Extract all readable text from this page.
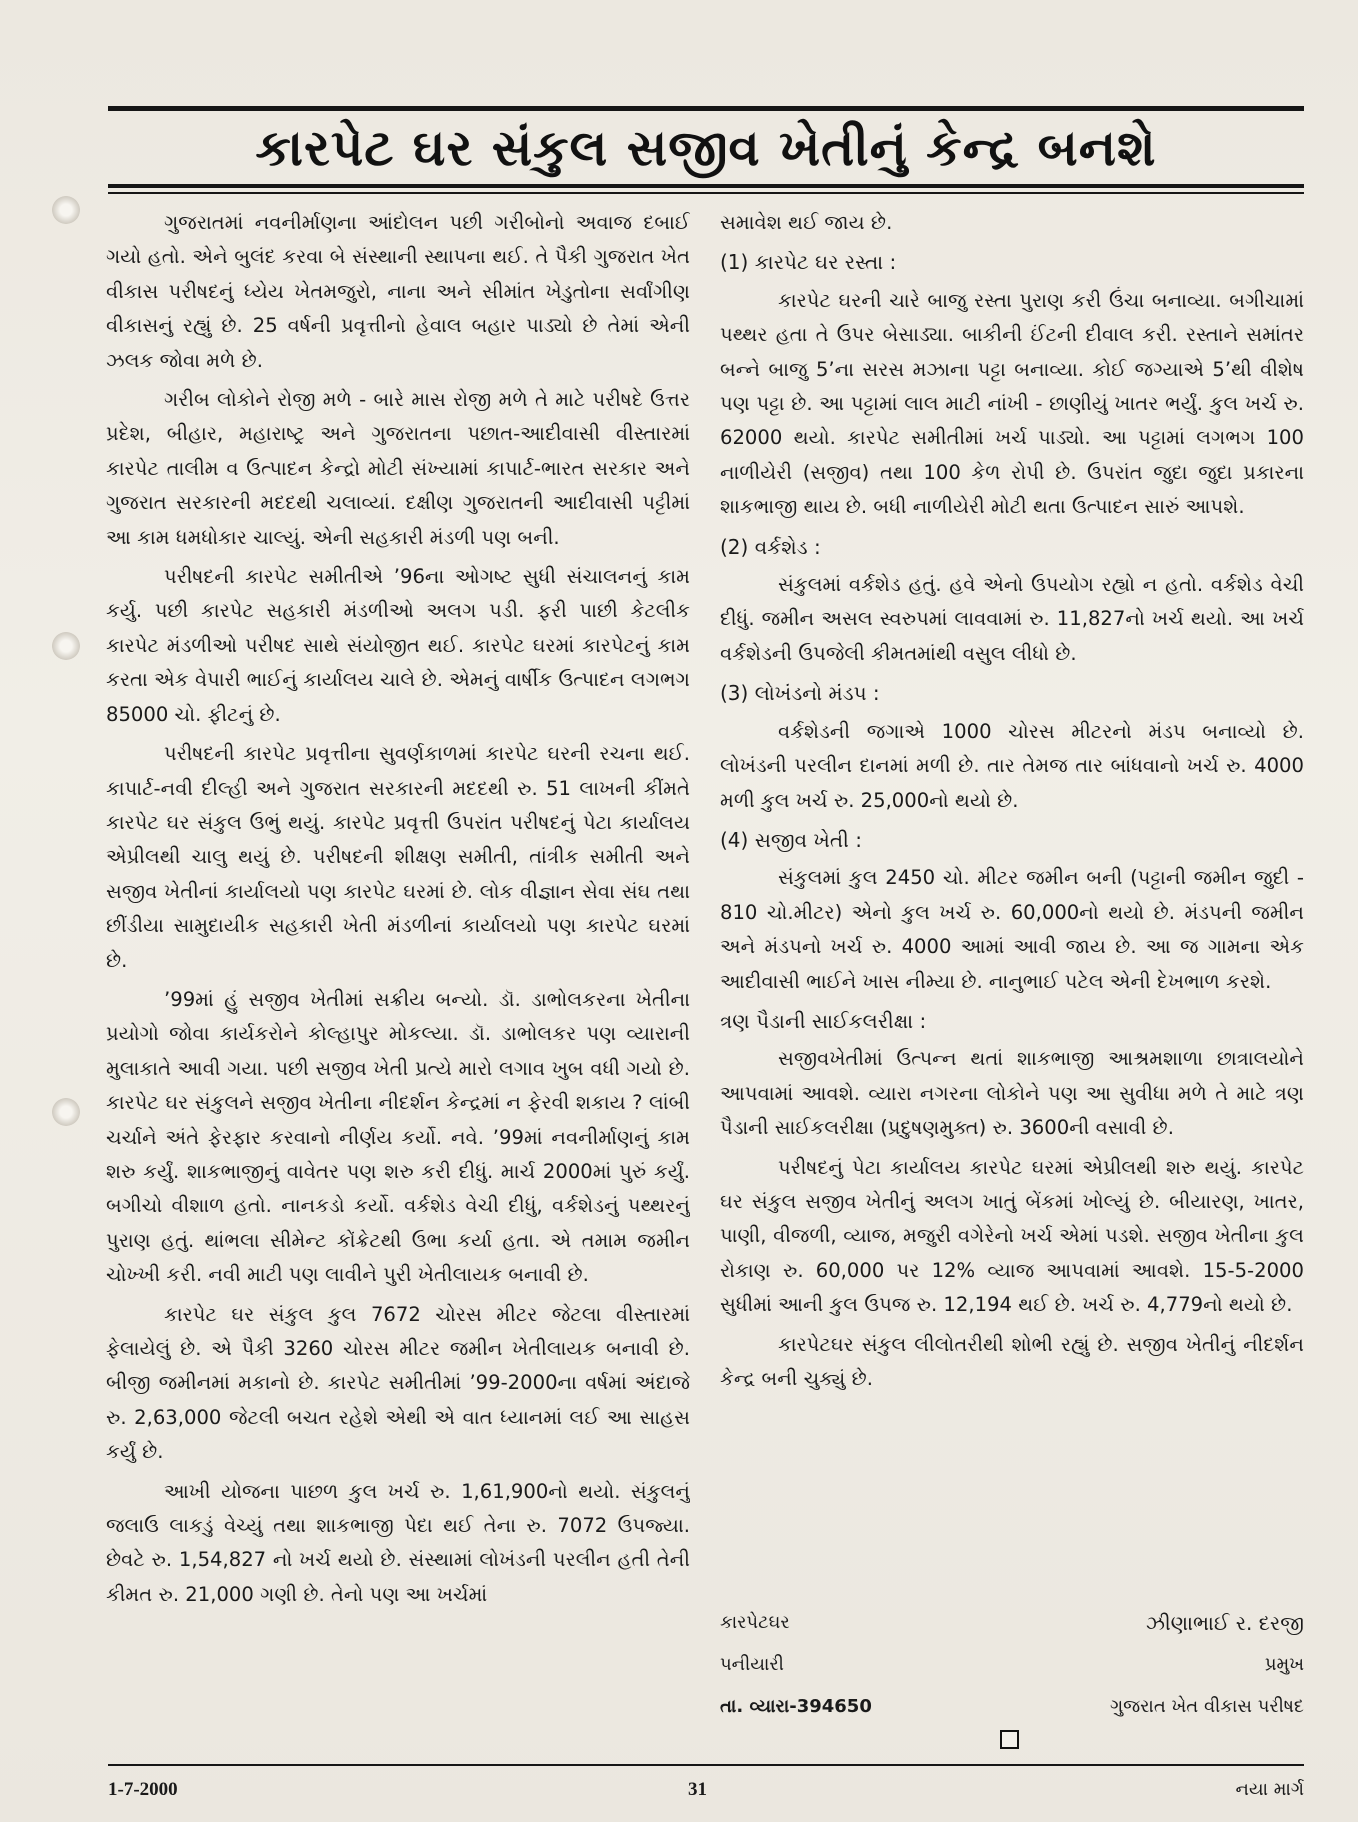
કારપેટ ઘર સંકુલ સજીવ ખેતીનું કેન્દ્ર બનશે

ગુજરાતમાં નવનીર્માણના આંદોલન પછી ગરીબોનો અવાજ દબાઈ ગયો હતો. એને બુલંદ કરવા બે સંસ્થાની સ્થાપના થઈ. તે પૈકી ગુજરાત ખેત વીકાસ પરીષદનું ધ્યેય ખેતમજુરો, નાના અને સીમાંત ખેડુતોના સર્વાંગીણ વીકાસનું રહ્યું છે. 25 વર્ષની પ્રવૃત્તીનો હેવાલ બહાર પાડ્યો છે તેમાં એની ઝલક જોવા મળે છે.

ગરીબ લોકોને રોજી મળે - બારે માસ રોજી મળે તે માટે પરીષદે ઉત્તર પ્રદેશ, બીહાર, મહારાષ્ટ્ર અને ગુજરાતના પછાત-આદીવાસી વીસ્તારમાં કારપેટ તાલીમ વ ઉત્પાદન કેન્દ્રો મોટી સંખ્યામાં કાપાર્ટ-ભારત સરકાર અને ગુજરાત સરકારની મદદથી ચલાવ્યાં. દક્ષીણ ગુજરાતની આદીવાસી પટ્ટીમાં આ કામ ધમધોકાર ચાલ્યું. એની સહકારી મંડળી પણ બની.

પરીષદની કારપેટ સમીતીએ ’96ના ઓગષ્ટ સુધી સંચાલનનું કામ કર્યુ. પછી કારપેટ સહકારી મંડળીઓ અલગ પડી. ફરી પાછી કેટલીક કારપેટ મંડળીઓ પરીષદ સાથે સંયોજીત થઈ. કારપેટ ઘરમાં કારપેટનું કામ કરતા એક વેપારી ભાઈનું કાર્યાલય ચાલે છે. એમનું વાર્ષીક ઉત્પાદન લગભગ 85000 ચો. ફીટનું છે.

પરીષદની કારપેટ પ્રવૃત્તીના સુવર્ણકાળમાં કારપેટ ઘરની રચના થઈ. કાપાર્ટ-નવી દીલ્હી અને ગુજરાત સરકારની મદદથી રુ. 51 લાખની કીંમતે કારપેટ ઘર સંકુલ ઉભું થયું. કારપેટ પ્રવૃત્તી ઉપરાંત પરીષદનું પેટા કાર્યાલય એપ્રીલથી ચાલુ થયું છે. પરીષદની શીક્ષણ સમીતી, તાંત્રીક સમીતી અને સજીવ ખેતીનાં કાર્યાલયો પણ કારપેટ ઘરમાં છે. લોક વીજ્ઞાન સેવા સંઘ તથા છીંડીયા સામુદાયીક સહકારી ખેતી મંડળીનાં કાર્યાલયો પણ કારપેટ ઘરમાં છે.

’99માં હું સજીવ ખેતીમાં સક્રીય બન્યો. ડૉ. ડાભોલકરના ખેતીના પ્રયોગો જોવા કાર્યકરોને કોલ્હાપુર મોકલ્યા. ડૉ. ડાભોલકર પણ વ્યારાની મુલાકાતે આવી ગયા. પછી સજીવ ખેતી પ્રત્યે મારો લગાવ ખુબ વધી ગયો છે. કારપેટ ઘર સંકુલને સજીવ ખેતીના નીદર્શન કેન્દ્રમાં ન ફેરવી શકાય ? લાંબી ચર્ચાને અંતે ફેરફાર કરવાનો નીર્ણય કર્યો. નવે. ’99માં નવનીર્માણનું કામ શરુ કર્યું. શાકભાજીનું વાવેતર પણ શરુ કરી દીધું. માર્ચ 2000માં પુરું કર્યું. બગીચો વીશાળ હતો. નાનકડો કર્યો. વર્કશેડ વેચી દીધું, વર્કશેડનું પથ્થરનું પુરાણ હતું. થાંભલા સીમેન્ટ કોંક્રેટથી ઉભા કર્યા હતા. એ તમામ જમીન ચોખ્ખી કરી. નવી માટી પણ લાવીને પુરી ખેતીલાયક બનાવી છે.

કારપેટ ઘર સંકુલ કુલ 7672 ચોરસ મીટર જેટલા વીસ્તારમાં ફેલાયેલું છે. એ પૈકી 3260 ચોરસ મીટર જમીન ખેતીલાયક બનાવી છે. બીજી જમીનમાં મકાનો છે. કારપેટ સમીતીમાં ’99-2000ના વર્ષમાં અંદાજે રુ. 2,63,000 જેટલી બચત રહેશે એથી એ વાત ધ્યાનમાં લઈ આ સાહસ કર્યું છે.

આખી યોજના પાછળ કુલ ખર્ચ રુ. 1,61,900નો થયો. સંકુલનું જલાઉ લાકડું વેચ્યું તથા શાકભાજી પેદા થઈ તેના રુ. 7072 ઉપજ્યા. છેવટે રુ. 1,54,827 નો ખર્ચ થયો છે. સંસ્થામાં લોખંડની પરલીન હતી તેની કીમત રુ. 21,000 ગણી છે. તેનો પણ આ ખર્ચમાં

સમાવેશ થઈ જાય છે.

(1) કારપેટ ઘર રસ્તા :

કારપેટ ઘરની ચારે બાજુ રસ્તા પુરાણ કરી ઉંચા બનાવ્યા. બગીચામાં પથ્થર હતા તે ઉપર બેસાડ્યા. બાકીની ઈંટની દીવાલ કરી. રસ્તાને સમાંતર બન્ને બાજુ 5’ના સરસ મઝાના પટ્ટા બનાવ્યા. કોઈ જગ્યાએ 5’થી વીશેષ પણ પટ્ટા છે. આ પટ્ટામાં લાલ માટી નાંખી - છાણીયું ખાતર ભર્યું. કુલ ખર્ચ રુ. 62000 થયો. કારપેટ સમીતીમાં ખર્ચ પાડ્યો. આ પટ્ટામાં લગભગ 100 નાળીયેરી (સજીવ) તથા 100 કેળ રોપી છે. ઉપરાંત જુદા જુદા પ્રકારના શાકભાજી થાય છે. બધી નાળીયેરી મોટી થતા ઉત્પાદન સારું આપશે.

(2) વર્કશેડ :

સંકુલમાં વર્કશેડ હતું. હવે એનો ઉપયોગ રહ્યો ન હતો. વર્કશેડ વેચી દીધું. જમીન અસલ સ્વરુપમાં લાવવામાં રુ. 11,827નો ખર્ચ થયો. આ ખર્ચ વર્કશેડની ઉપજેલી કીમતમાંથી વસુલ લીધો છે.

(3) લોખંડનો મંડપ :

વર્કશેડની જગાએ 1000 ચોરસ મીટરનો મંડપ બનાવ્યો છે. લોખંડની પરલીન દાનમાં મળી છે. તાર તેમજ તાર બાંધવાનો ખર્ચ રુ. 4000 મળી કુલ ખર્ચ રુ. 25,000નો થયો છે.

(4) સજીવ ખેતી :

સંકુલમાં કુલ 2450 ચો. મીટર જમીન બની (પટ્ટાની જમીન જુદી - 810 ચો.મીટર) એનો કુલ ખર્ચ રુ. 60,000નો થયો છે. મંડપની જમીન અને મંડપનો ખર્ચ રુ. 4000 આમાં આવી જાય છે. આ જ ગામના એક આદીવાસી ભાઈને ખાસ નીમ્યા છે. નાનુભાઈ પટેલ એની દેખભાળ કરશે.

ત્રણ પૈડાની સાઈકલરીક્ષા :

સજીવખેતીમાં ઉત્પન્ન થતાં શાકભાજી આશ્રમશાળા છાત્રાલયોને આપવામાં આવશે. વ્યારા નગરના લોકોને પણ આ સુવીધા મળે તે માટે ત્રણ પૈડાની સાઈકલરીક્ષા (પ્રદુષણમુક્ત) રુ. 3600ની વસાવી છે.

પરીષદનું પેટા કાર્યાલય કારપેટ ઘરમાં એપ્રીલથી શરુ થયું. કારપેટ ઘર સંકુલ સજીવ ખેતીનું અલગ ખાતું બેંકમાં ખોલ્યું છે. બીયારણ, ખાતર, પાણી, વીજળી, વ્યાજ, મજુરી વગેરેનો ખર્ચ એમાં પડશે. સજીવ ખેતીના કુલ રોકાણ રુ. 60,000 પર 12% વ્યાજ આપવામાં આવશે. 15-5-2000 સુધીમાં આની કુલ ઉપજ રુ. 12,194 થઈ છે. ખર્ચ રુ. 4,779નો થયો છે.

કારપેટઘર સંકુલ લીલોતરીથી શોભી રહ્યું છે. સજીવ ખેતીનું નીદર્શન કેન્દ્ર બની ચુક્યું છે.

કારપેટઘર	ઝીણાભાઈ ર. દરજી
પનીયારી	પ્રમુખ
તા. વ્યારા-394650	ગુજરાત ખેત વીકાસ પરીષદ
1-7-2000	31	નયા માર્ગ
